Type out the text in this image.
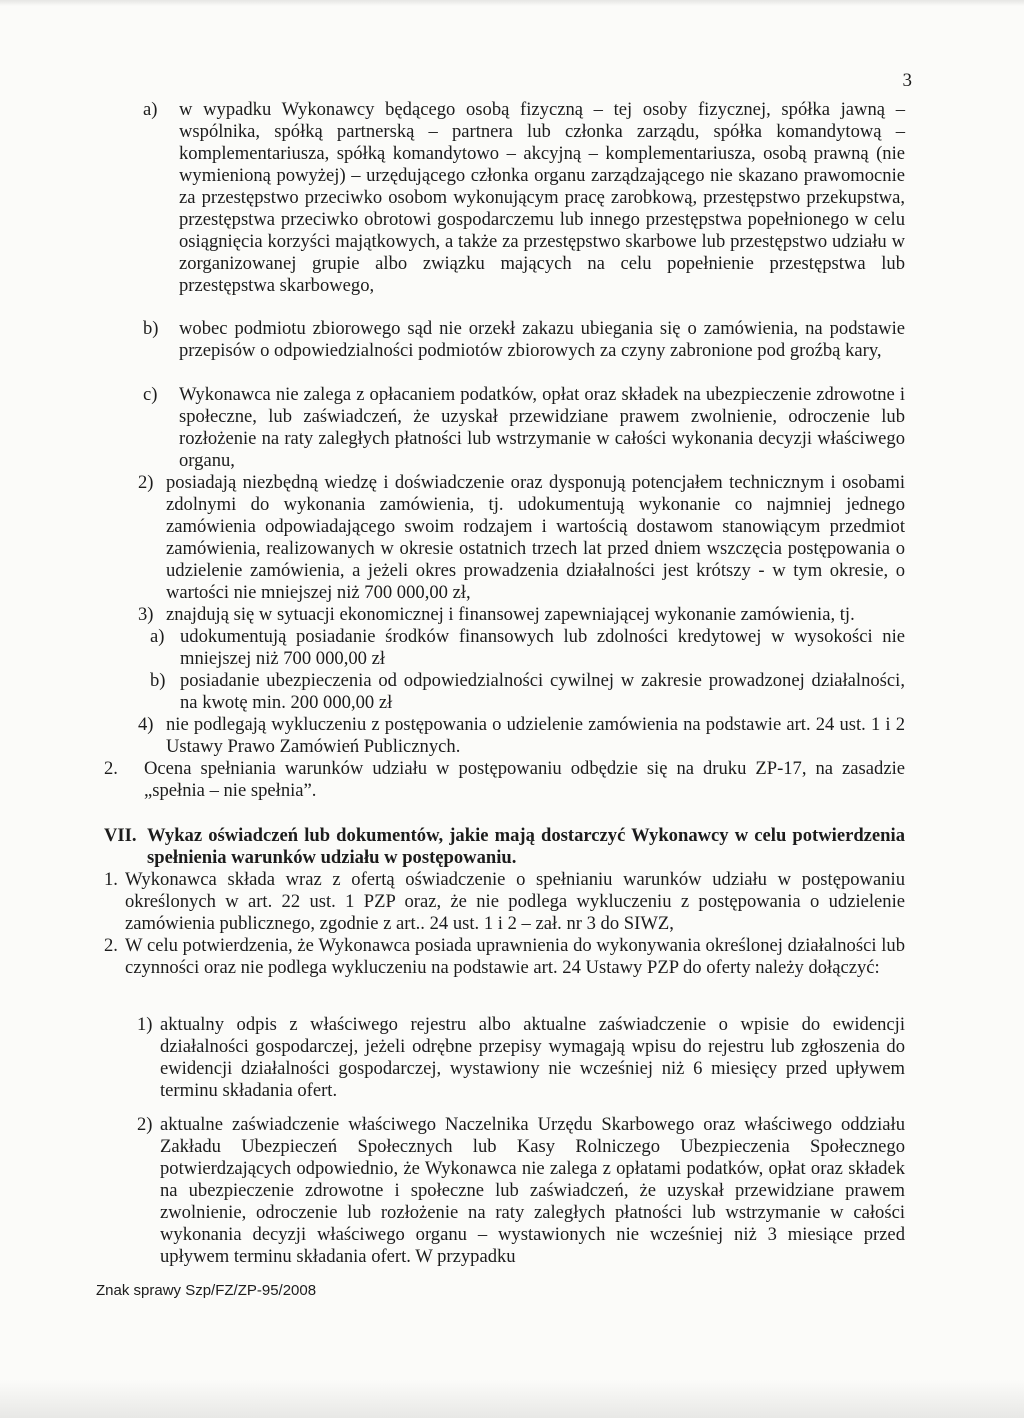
3
a) w wypadku Wykonawcy będącego osobą fizyczną – tej osoby fizycznej, spółka jawną – wspólnika, spółką partnerską – partnera lub członka zarządu, spółka komandytową – komplementariusza, spółką komandytowo – akcyjną – komplementariusza, osobą prawną (nie wymienioną powyżej) – urzędującego członka organu zarządzającego nie skazano prawomocnie za przestępstwo przeciwko osobom wykonującym pracę zarobkową, przestępstwo przekupstwa, przestępstwa przeciwko obrotowi gospodarczemu lub innego przestępstwa popełnionego w celu osiągnięcia korzyści majątkowych, a także za przestępstwo skarbowe lub przestępstwo udziału w zorganizowanej grupie albo związku mających na celu popełnienie przestępstwa lub przestępstwa skarbowego,
b) wobec podmiotu zbiorowego sąd nie orzekł zakazu ubiegania się o zamówienia, na podstawie przepisów o odpowiedzialności podmiotów zbiorowych za czyny zabronione pod groźbą kary,
c) Wykonawca nie zalega z opłacaniem podatków, opłat oraz składek na ubezpieczenie zdrowotne i społeczne, lub zaświadczeń, że uzyskał przewidziane prawem zwolnienie, odroczenie lub rozłożenie na raty zaległych płatności lub wstrzymanie w całości wykonania decyzji właściwego organu,
2) posiadają niezbędną wiedzę i doświadczenie oraz dysponują potencjałem technicznym i osobami zdolnymi do wykonania zamówienia, tj. udokumentują wykonanie co najmniej jednego zamówienia odpowiadającego swoim rodzajem i wartością dostawom stanowiącym przedmiot zamówienia, realizowanych w okresie ostatnich trzech lat przed dniem wszczęcia postępowania o udzielenie zamówienia, a jeżeli okres prowadzenia działalności jest krótszy - w tym okresie, o wartości nie mniejszej niż 700 000,00 zł,
3) znajdują się w sytuacji ekonomicznej i finansowej zapewniającej wykonanie zamówienia, tj.
a) udokumentują posiadanie środków finansowych lub zdolności kredytowej w wysokości nie mniejszej niż 700 000,00 zł
b) posiadanie ubezpieczenia od odpowiedzialności cywilnej w zakresie prowadzonej działalności, na kwotę min. 200 000,00 zł
4) nie podlegają wykluczeniu z postępowania o udzielenie zamówienia na podstawie art. 24 ust. 1 i 2 Ustawy Prawo Zamówień Publicznych.
2. Ocena spełniania warunków udziału w postępowaniu odbędzie się na druku ZP-17, na zasadzie „spełnia – nie spełnia”.
VII. Wykaz oświadczeń lub dokumentów, jakie mają dostarczyć Wykonawcy w celu potwierdzenia spełnienia warunków udziału w postępowaniu.
1. Wykonawca składa wraz z ofertą oświadczenie o spełnianiu warunków udziału w postępowaniu określonych w art. 22 ust. 1 PZP oraz, że nie podlega wykluczeniu z postępowania o udzielenie zamówienia publicznego, zgodnie z art.. 24 ust. 1 i 2 – zał. nr 3 do SIWZ,
2. W celu potwierdzenia, że Wykonawca posiada uprawnienia do wykonywania określonej działalności lub czynności oraz nie podlega wykluczeniu na podstawie art. 24 Ustawy PZP do oferty należy dołączyć:
1) aktualny odpis z właściwego rejestru albo aktualne zaświadczenie o wpisie do ewidencji działalności gospodarczej, jeżeli odrębne przepisy wymagają wpisu do rejestru lub zgłoszenia do ewidencji działalności gospodarczej, wystawiony nie wcześniej niż 6 miesięcy przed upływem terminu składania ofert.
2) aktualne zaświadczenie właściwego Naczelnika Urzędu Skarbowego oraz właściwego oddziału Zakładu Ubezpieczeń Społecznych lub Kasy Rolniczego Ubezpieczenia Społecznego potwierdzających odpowiednio, że Wykonawca nie zalega z opłatami podatków, opłat oraz składek na ubezpieczenie zdrowotne i społeczne lub zaświadczeń, że uzyskał przewidziane prawem zwolnienie, odroczenie lub rozłożenie na raty zaległych płatności lub wstrzymanie w całości wykonania decyzji właściwego organu – wystawionych nie wcześniej niż 3 miesiące przed upływem terminu składania ofert. W przypadku
Znak sprawy Szp/FZ/ZP-95/2008
